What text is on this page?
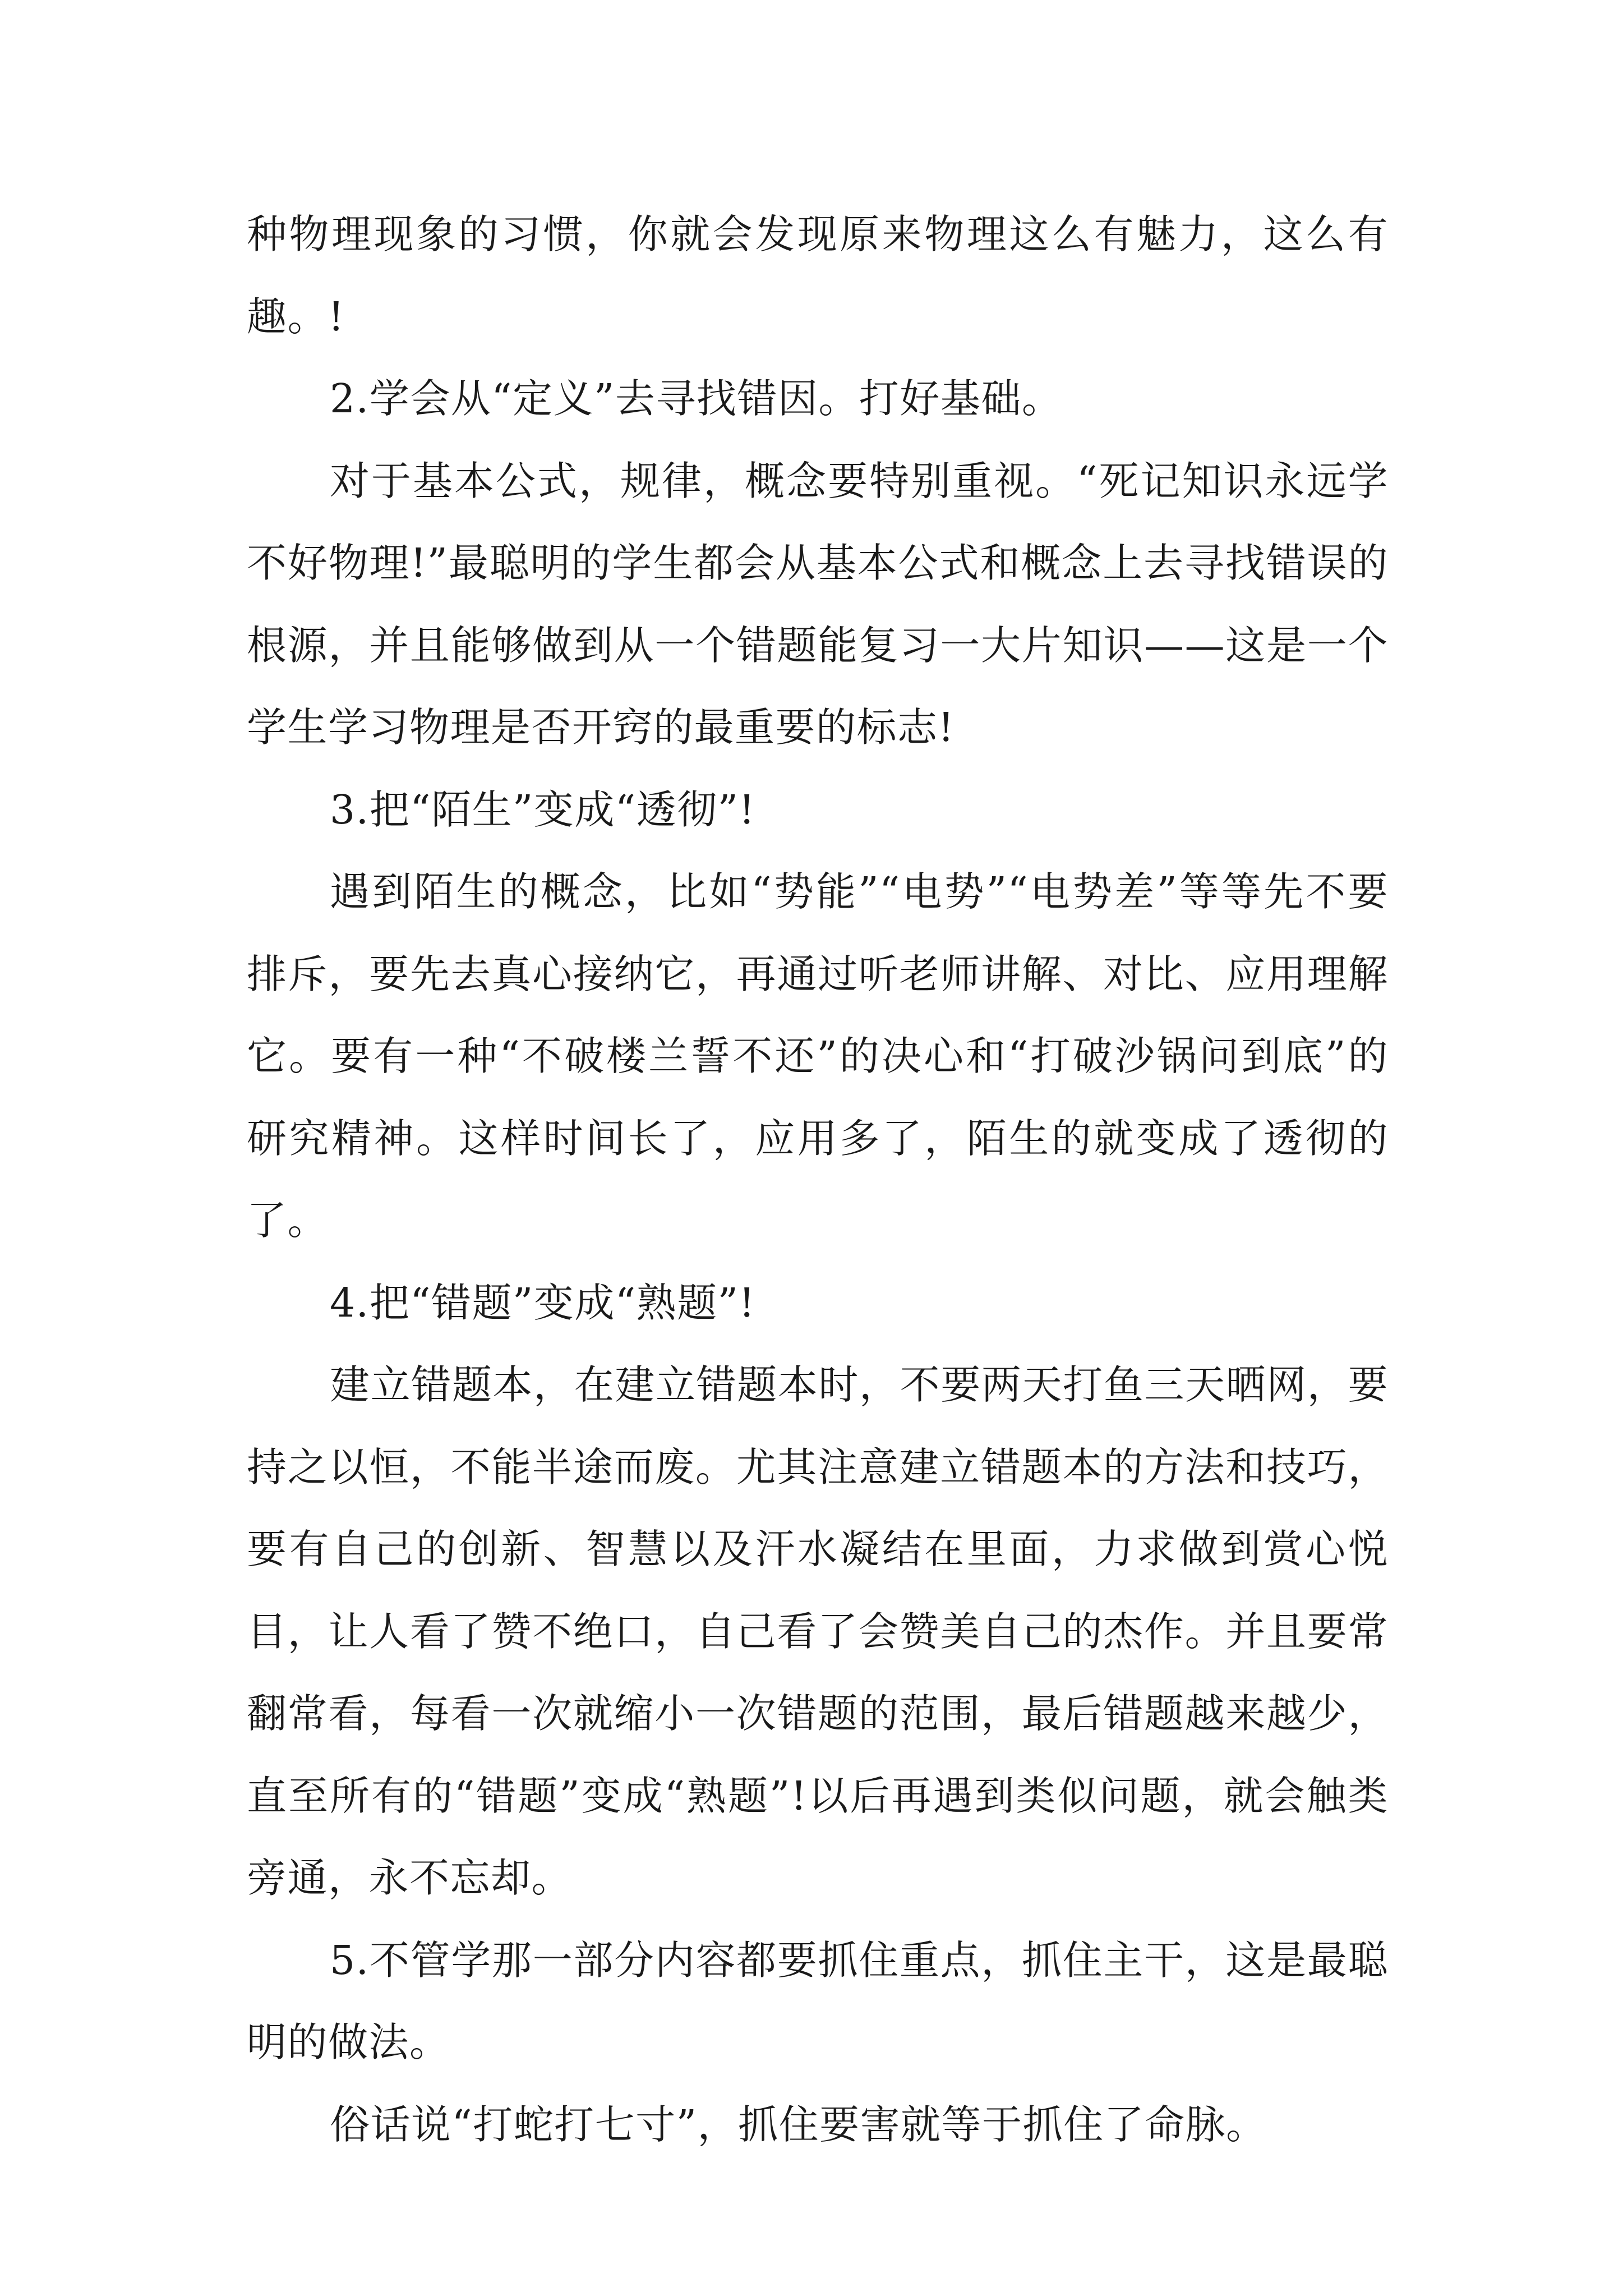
种物理现象的习惯，你就会发现原来物理这么有魅力，这么有趣。!

2.学会从“定义”去寻找错因。打好基础。

对于基本公式，规律，概念要特别重视。“死记知识永远学不好物理!”最聪明的学生都会从基本公式和概念上去寻找错误的根源，并且能够做到从一个错题能复习一大片知识——这是一个学生学习物理是否开窍的最重要的标志!

3.把“陌生”变成“透彻”!

遇到陌生的概念，比如“势能”“电势”“电势差”等等先不要排斥，要先去真心接纳它，再通过听老师讲解、对比、应用理解它。要有一种“不破楼兰誓不还”的决心和“打破沙锅问到底”的研究精神。这样时间长了，应用多了，陌生的就变成了透彻的了。

4.把“错题”变成“熟题”!

建立错题本，在建立错题本时，不要两天打鱼三天晒网，要持之以恒，不能半途而废。尤其注意建立错题本的方法和技巧，要有自己的创新、智慧以及汗水凝结在里面，力求做到赏心悦目，让人看了赞不绝口，自己看了会赞美自己的杰作。并且要常翻常看，每看一次就缩小一次错题的范围，最后错题越来越少，直至所有的“错题”变成“熟题”!以后再遇到类似问题，就会触类旁通，永不忘却。

5.不管学那一部分内容都要抓住重点，抓住主干，这是最聪明的做法。

俗话说“打蛇打七寸”，抓住要害就等于抓住了命脉。
